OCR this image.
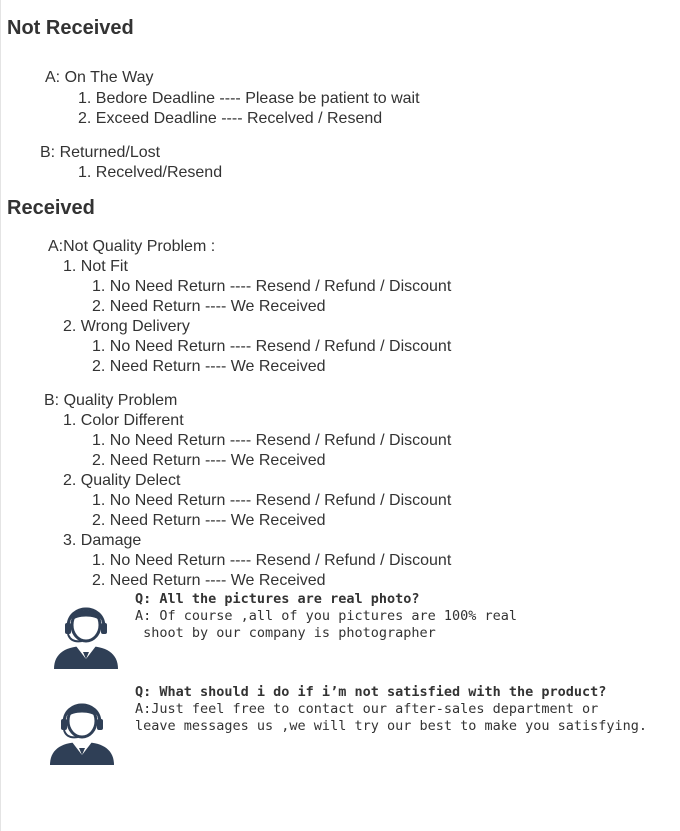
Not Received
A: On The Way
1. Bedore Deadline ---- Please be patient to wait
2. Exceed Deadline ---- Recelved / Resend
B: Returned/Lost
1. Recelved/Resend
Received
A:Not Quality Problem :
1. Not Fit
1. No Need Return ---- Resend / Refund / Discount
2. Need Return ---- We Received
2. Wrong Delivery
1. No Need Return ---- Resend / Refund / Discount
2. Need Return ---- We Received
B: Quality Problem
1. Color Different
1. No Need Return ---- Resend / Refund / Discount
2. Need Return ---- We Received
2. Quality Delect
1. No Need Return ---- Resend / Refund / Discount
2. Need Return ---- We Received
3. Damage
1. No Need Return ---- Resend / Refund / Discount
2. Need Return ---- We Received
Q: All the pictures are real photo?
A: Of course ,all of you pictures are 100% real
shoot by our company is photographer
Q: What should i do if i’m not satisfied with the product?
A:Just feel free to contact our after-sales department or
leave messages us ,we will try our best to make you satisfying.
